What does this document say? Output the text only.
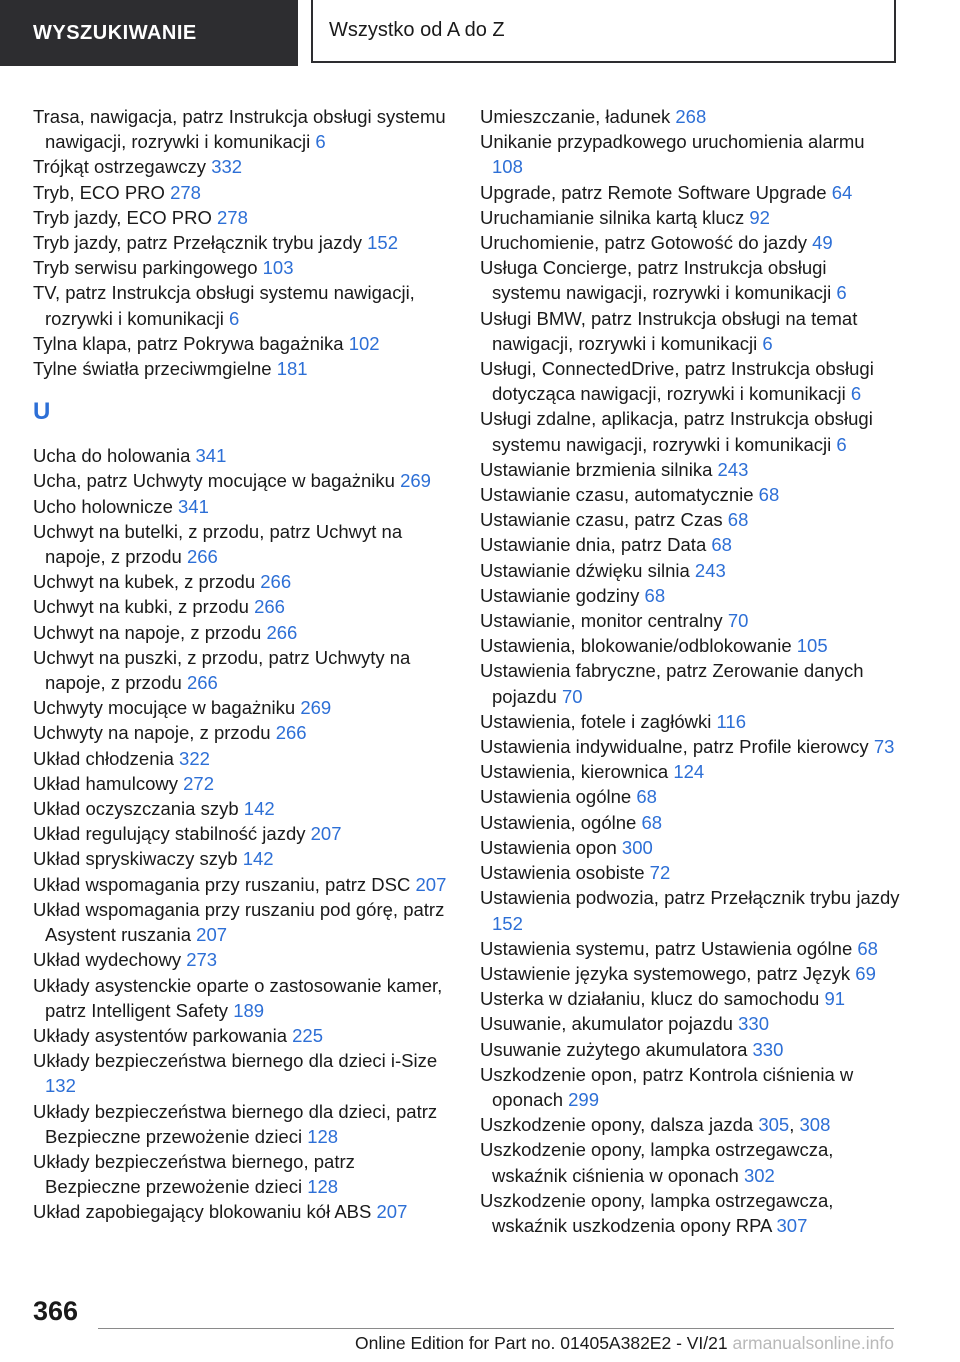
WYSZUKIWANIE	Wszystko od A do Z
Trasa, nawigacja, patrz Instrukcja obsługi systemu nawigacji, rozrywki i komunikacji 6
Trójkąt ostrzegawczy 332
Tryb, ECO PRO 278
Tryb jazdy, ECO PRO 278
Tryb jazdy, patrz Przełącznik trybu jazdy 152
Tryb serwisu parkingowego 103
TV, patrz Instrukcja obsługi systemu nawigacji, rozrywki i komunikacji 6
Tylna klapa, patrz Pokrywa bagażnika 102
Tylne światła przeciwmgielne 181
U
Ucha do holowania 341
Ucha, patrz Uchwyty mocujące w bagażniku 269
Ucho holownicze 341
Uchwyt na butelki, z przodu, patrz Uchwyt na napoje, z przodu 266
Uchwyt na kubek, z przodu 266
Uchwyt na kubki, z przodu 266
Uchwyt na napoje, z przodu 266
Uchwyt na puszki, z przodu, patrz Uchwyty na napoje, z przodu 266
Uchwyty mocujące w bagażniku 269
Uchwyty na napoje, z przodu 266
Układ chłodzenia 322
Układ hamulcowy 272
Układ oczyszczania szyb 142
Układ regulujący stabilność jazdy 207
Układ spryskiwaczy szyb 142
Układ wspomagania przy ruszaniu, patrz DSC 207
Układ wspomagania przy ruszaniu pod górę, patrz Asystent ruszania 207
Układ wydechowy 273
Układy asystenckie oparte o zastosowanie kamer, patrz Intelligent Safety 189
Układy asystentów parkowania 225
Układy bezpieczeństwa biernego dla dzieci i-Size 132
Układy bezpieczeństwa biernego dla dzieci, patrz Bezpieczne przewożenie dzieci 128
Układy bezpieczeństwa biernego, patrz Bezpieczne przewożenie dzieci 128
Układ zapobiegający blokowaniu kół ABS 207
Umieszczanie, ładunek 268
Unikanie przypadkowego uruchomienia alarmu 108
Upgrade, patrz Remote Software Upgrade 64
Uruchamianie silnika kartą klucz 92
Uruchomienie, patrz Gotowość do jazdy 49
Usługa Concierge, patrz Instrukcja obsługi systemu nawigacji, rozrywki i komunikacji 6
Usługi BMW, patrz Instrukcja obsługi na temat nawigacji, rozrywki i komunikacji 6
Usługi, ConnectedDrive, patrz Instrukcja obsługi dotycząca nawigacji, rozrywki i komunikacji 6
Usługi zdalne, aplikacja, patrz Instrukcja obsługi systemu nawigacji, rozrywki i komunikacji 6
Ustawianie brzmienia silnika 243
Ustawianie czasu, automatycznie 68
Ustawianie czasu, patrz Czas 68
Ustawianie dnia, patrz Data 68
Ustawianie dźwięku silnia 243
Ustawianie godziny 68
Ustawianie, monitor centralny 70
Ustawienia, blokowanie/odblokowanie 105
Ustawienia fabryczne, patrz Zerowanie danych pojazdu 70
Ustawienia, fotele i zagłówki 116
Ustawienia indywidualne, patrz Profile kierowcy 73
Ustawienia, kierownica 124
Ustawienia ogólne 68
Ustawienia, ogólne 68
Ustawienia opon 300
Ustawienia osobiste 72
Ustawienia podwozia, patrz Przełącznik trybu jazdy 152
Ustawienia systemu, patrz Ustawienia ogólne 68
Ustawienie języka systemowego, patrz Język 69
Usterka w działaniu, klucz do samochodu 91
Usuwanie, akumulator pojazdu 330
Usuwanie zużytego akumulatora 330
Uszkodzenie opon, patrz Kontrola ciśnienia w oponach 299
Uszkodzenie opony, dalsza jazda 305, 308
Uszkodzenie opony, lampka ostrzegawcza, wskaźnik ciśnienia w oponach 302
Uszkodzenie opony, lampka ostrzegawcza, wskaźnik uszkodzenia opony RPA 307
366
Online Edition for Part no. 01405A382E2 - VI/21 armanualsonline.info
